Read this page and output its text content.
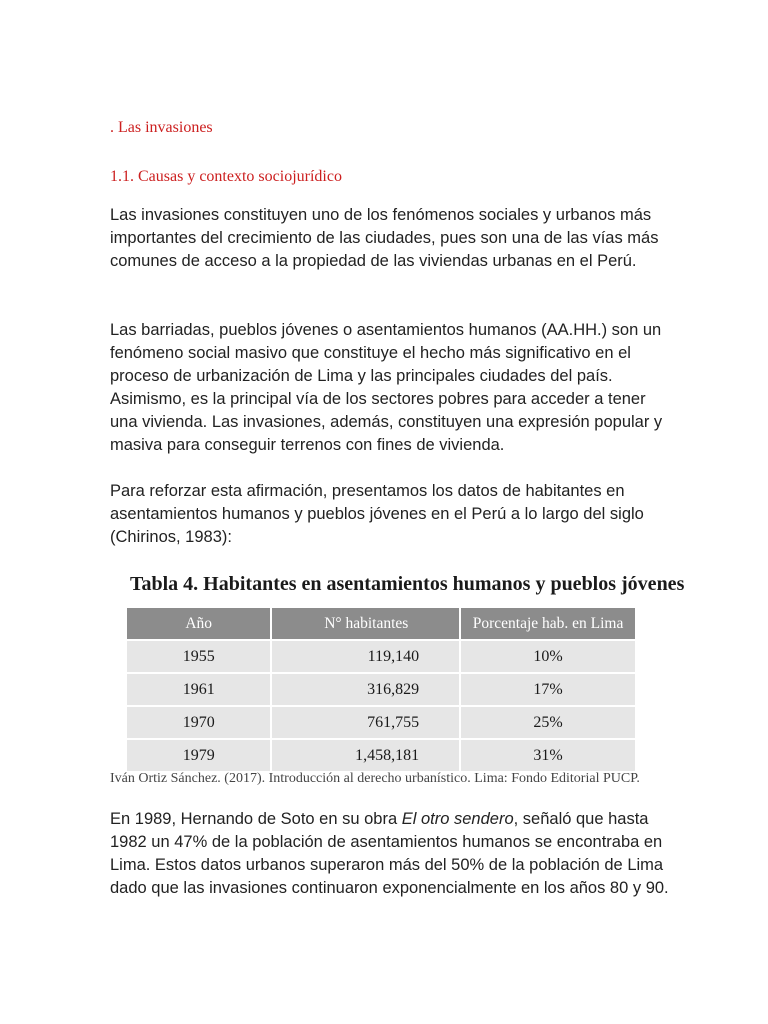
. Las invasiones
1.1. Causas y contexto sociojurídico

Las invasiones constituyen uno de los fenómenos sociales y urbanos más importantes del crecimiento de las ciudades, pues son una de las vías más comunes de acceso a la propiedad de las viviendas urbanas en el Perú.

Las barriadas, pueblos jóvenes o asentamientos humanos (AA.HH.) son un fenómeno social masivo que constituye el hecho más significativo en el proceso de urbanización de Lima y las principales ciudades del país. Asimismo, es la principal vía de los sectores pobres para acceder a tener una vivienda. Las invasiones, además, constituyen una expresión popular y masiva para conseguir terrenos con fines de vivienda.

Para reforzar esta afirmación, presentamos los datos de habitantes en asentamientos humanos y pueblos jóvenes en el Perú a lo largo del siglo (Chirinos, 1983):

Tabla 4. Habitantes en asentamientos humanos y pueblos jóvenes

Año	N° habitantes	Porcentaje hab. en Lima
1955	119,140	10%
1961	316,829	17%
1970	761,755	25%
1979	1,458,181	31%

Iván Ortiz Sánchez. (2017). Introducción al derecho urbanístico. Lima: Fondo Editorial PUCP.

En 1989, Hernando de Soto en su obra El otro sendero, señaló que hasta 1982 un 47% de la población de asentamientos humanos se encontraba en Lima. Estos datos urbanos superaron más del 50% de la población de Lima dado que las invasiones continuaron exponencialmente en los años 80 y 90.
